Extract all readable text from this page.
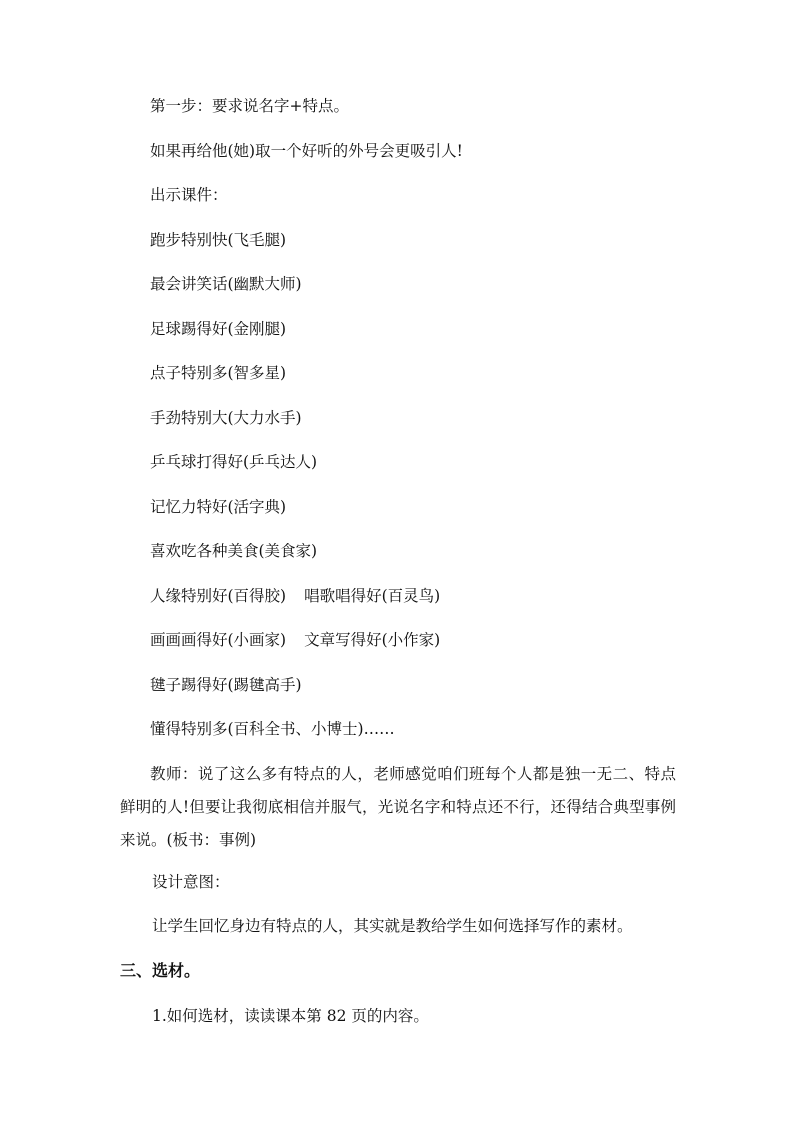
第一步：要求说名字+特点。
如果再给他(她)取一个好听的外号会更吸引人!
出示课件：
跑步特别快(飞毛腿)
最会讲笑话(幽默大师)
足球踢得好(金刚腿)
点子特别多(智多星)
手劲特别大(大力水手)
乒乓球打得好(乒乓达人)
记忆力特好(活字典)
喜欢吃各种美食(美食家)
人缘特别好(百得胶) 唱歌唱得好(百灵鸟)
画画画得好(小画家) 文章写得好(小作家)
毽子踢得好(踢毽高手)
懂得特别多(百科全书、小博士)……
教师：说了这么多有特点的人，老师感觉咱们班每个人都是独一无二、特点鲜明的人!但要让我彻底相信并服气，光说名字和特点还不行，还得结合典型事例来说。(板书：事例)
设计意图：
让学生回忆身边有特点的人，其实就是教给学生如何选择写作的素材。
三、选材。
1.如何选材，读读课本第 82 页的内容。
